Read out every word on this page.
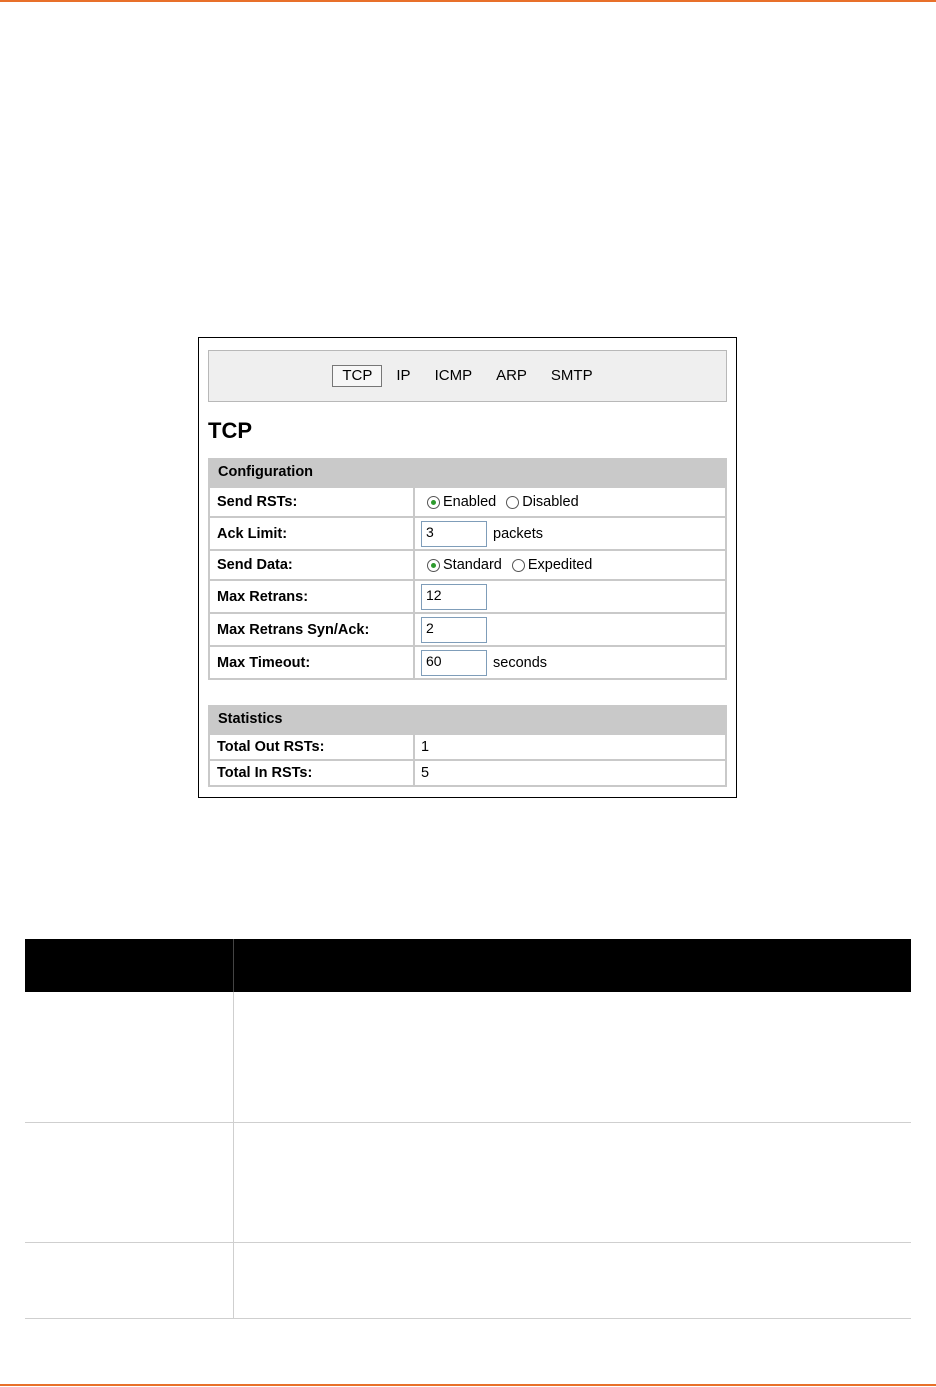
TCP	IP	ICMP	ARP	SMTP
TCP
Configuration
Send RSTs:	Enabled Disabled
Ack Limit:	3	packets
Send Data:	Standard Expedited
Max Retrans:	12
Max Retrans Syn/Ack:	2
Max Timeout:	60	seconds
Statistics
Total Out RSTs:	1
Total In RSTs:	5
